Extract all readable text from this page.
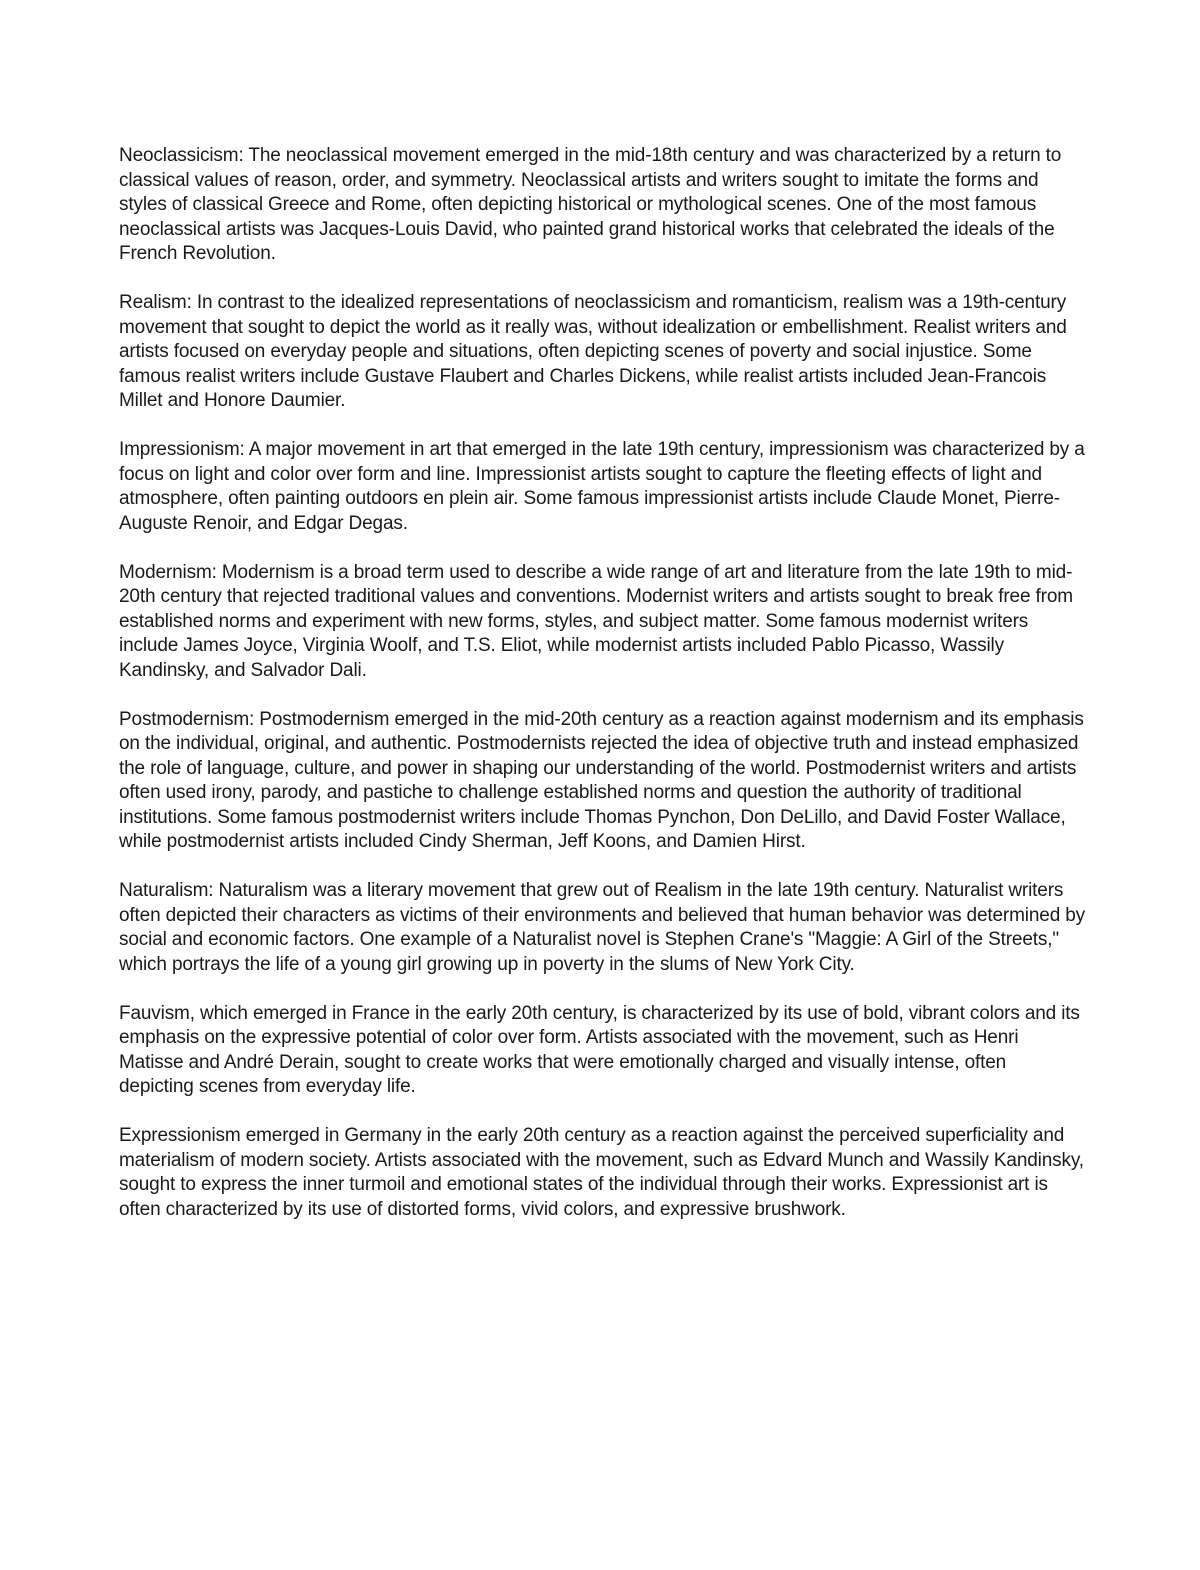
Neoclassicism: The neoclassical movement emerged in the mid-18th century and was characterized by a return to classical values of reason, order, and symmetry. Neoclassical artists and writers sought to imitate the forms and styles of classical Greece and Rome, often depicting historical or mythological scenes. One of the most famous neoclassical artists was Jacques-Louis David, who painted grand historical works that celebrated the ideals of the French Revolution.

Realism: In contrast to the idealized representations of neoclassicism and romanticism, realism was a 19th-century movement that sought to depict the world as it really was, without idealization or embellishment. Realist writers and artists focused on everyday people and situations, often depicting scenes of poverty and social injustice. Some famous realist writers include Gustave Flaubert and Charles Dickens, while realist artists included Jean-Francois Millet and Honore Daumier.

Impressionism: A major movement in art that emerged in the late 19th century, impressionism was characterized by a focus on light and color over form and line. Impressionist artists sought to capture the fleeting effects of light and atmosphere, often painting outdoors en plein air. Some famous impressionist artists include Claude Monet, Pierre-Auguste Renoir, and Edgar Degas.

Modernism: Modernism is a broad term used to describe a wide range of art and literature from the late 19th to mid-20th century that rejected traditional values and conventions. Modernist writers and artists sought to break free from established norms and experiment with new forms, styles, and subject matter. Some famous modernist writers include James Joyce, Virginia Woolf, and T.S. Eliot, while modernist artists included Pablo Picasso, Wassily Kandinsky, and Salvador Dali.

Postmodernism: Postmodernism emerged in the mid-20th century as a reaction against modernism and its emphasis on the individual, original, and authentic. Postmodernists rejected the idea of objective truth and instead emphasized the role of language, culture, and power in shaping our understanding of the world. Postmodernist writers and artists often used irony, parody, and pastiche to challenge established norms and question the authority of traditional institutions. Some famous postmodernist writers include Thomas Pynchon, Don DeLillo, and David Foster Wallace, while postmodernist artists included Cindy Sherman, Jeff Koons, and Damien Hirst.

Naturalism: Naturalism was a literary movement that grew out of Realism in the late 19th century. Naturalist writers often depicted their characters as victims of their environments and believed that human behavior was determined by social and economic factors. One example of a Naturalist novel is Stephen Crane's "Maggie: A Girl of the Streets," which portrays the life of a young girl growing up in poverty in the slums of New York City.

Fauvism, which emerged in France in the early 20th century, is characterized by its use of bold, vibrant colors and its emphasis on the expressive potential of color over form. Artists associated with the movement, such as Henri Matisse and André Derain, sought to create works that were emotionally charged and visually intense, often depicting scenes from everyday life.

Expressionism emerged in Germany in the early 20th century as a reaction against the perceived superficiality and materialism of modern society. Artists associated with the movement, such as Edvard Munch and Wassily Kandinsky, sought to express the inner turmoil and emotional states of the individual through their works. Expressionist art is often characterized by its use of distorted forms, vivid colors, and expressive brushwork.
